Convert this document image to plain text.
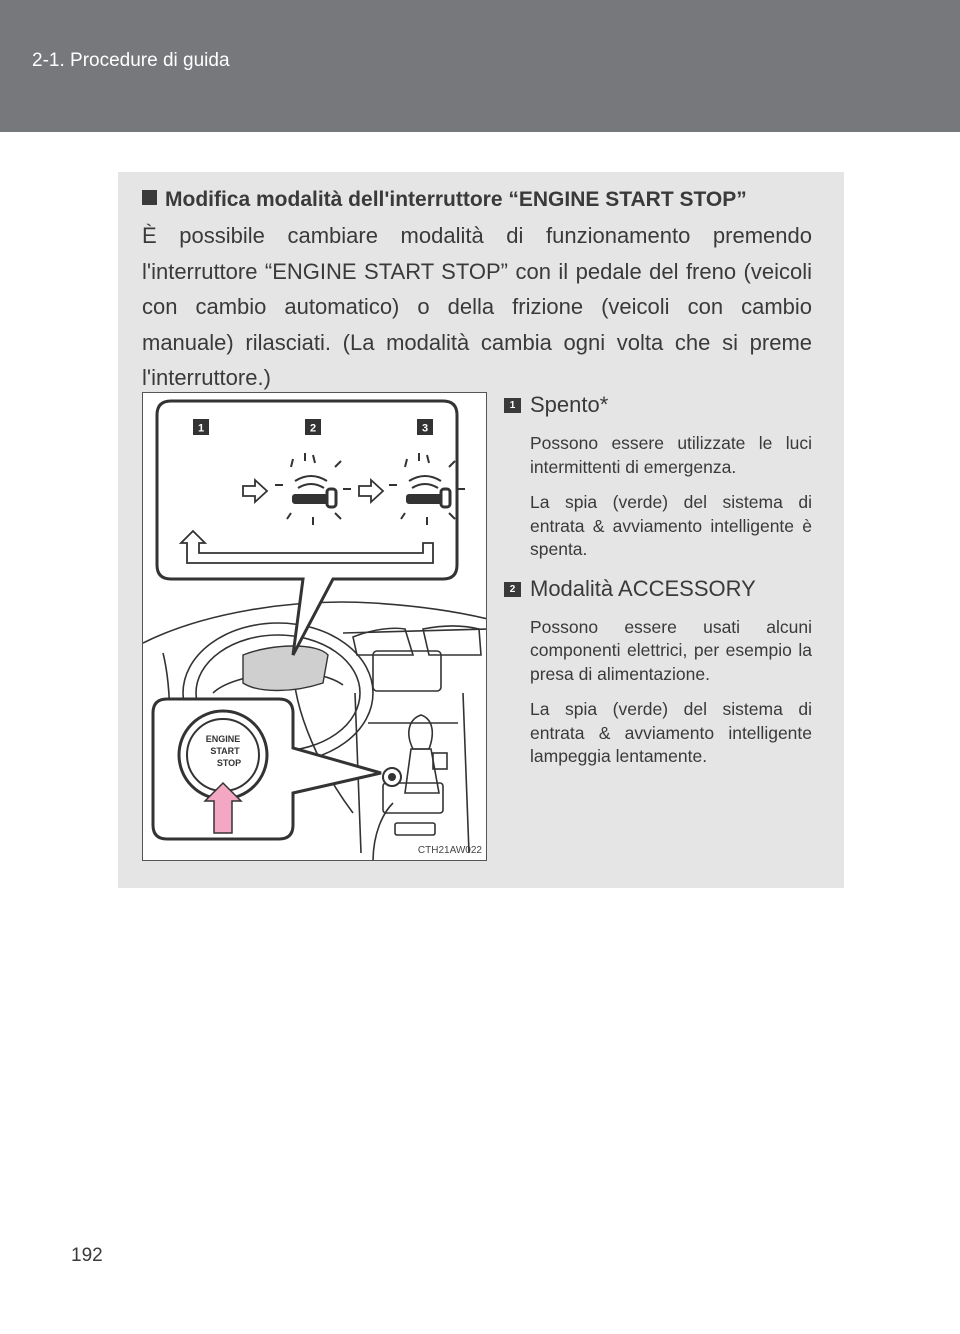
2-1. Procedure di guida
Modifica modalità dell'interruttore “ENGINE START STOP”
È possibile cambiare modalità di funzionamento premendo l'interruttore “ENGINE START STOP” con il pedale del freno (veicoli con cambio automatico) o della frizione (veicoli con cambio manuale) rilasciati. (La modalità cambia ogni volta che si preme l'interruttore.)
1	2	3
ENGINE
START
STOP
CTH21AW022
1 Spento*
Possono essere utilizzate le luci intermittenti di emergenza.
La spia (verde) del sistema di entrata & avviamento intelligente è spenta.
2 Modalità ACCESSORY
Possono essere usati alcuni componenti elettrici, per esempio la presa di alimentazione.
La spia (verde) del sistema di entrata & avviamento intelligente lampeggia lentamente.
192
